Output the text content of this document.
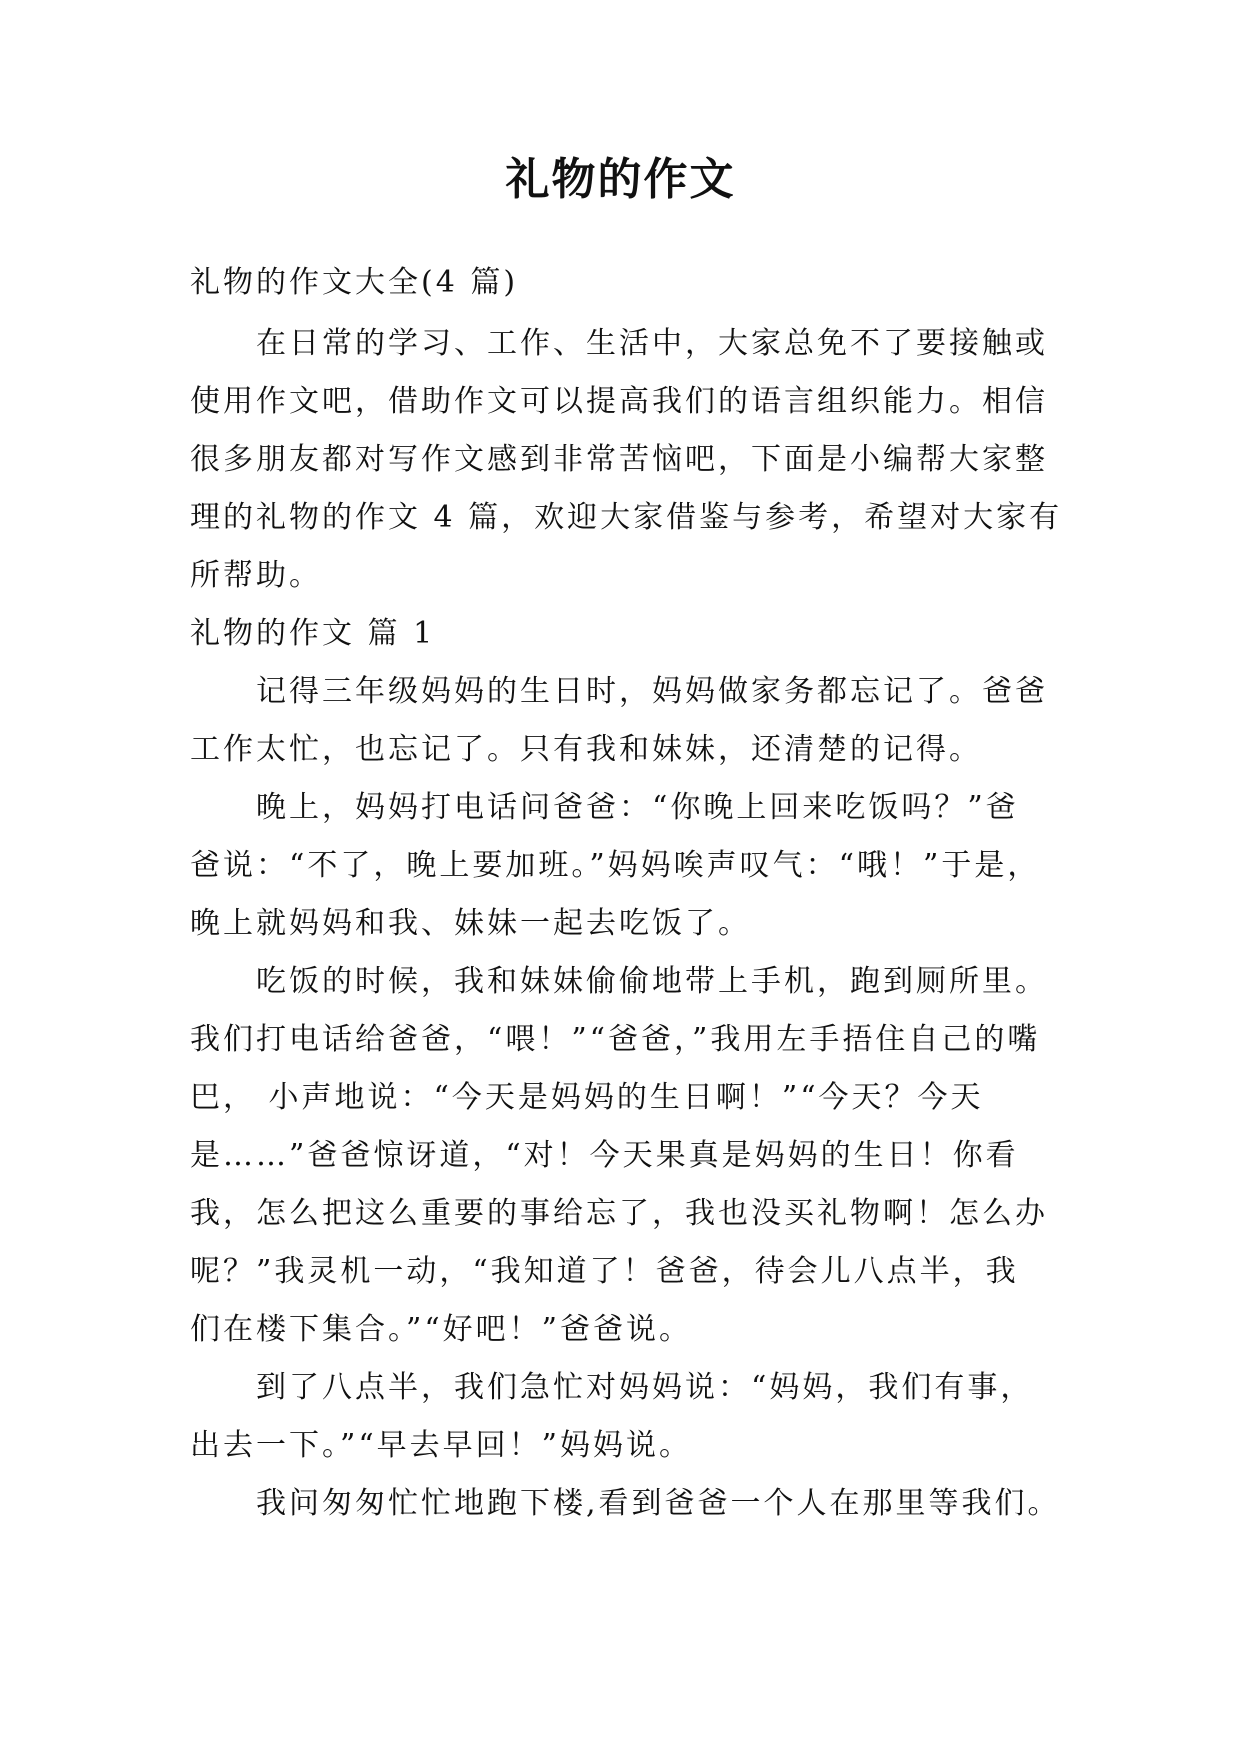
礼物的作文
礼物的作文大全(4 篇)
在日常的学习、工作、生活中，大家总免不了要接触或
使用作文吧，借助作文可以提高我们的语言组织能力。相信
很多朋友都对写作文感到非常苦恼吧，下面是小编帮大家整
理的礼物的作文 4 篇，欢迎大家借鉴与参考，希望对大家有
所帮助。
礼物的作文 篇 1
记得三年级妈妈的生日时，妈妈做家务都忘记了。爸爸
工作太忙，也忘记了。只有我和妹妹，还清楚的记得。
晚上，妈妈打电话问爸爸：“你晚上回来吃饭吗？”爸
爸说：“不了，晚上要加班。”妈妈唉声叹气：“哦！”于是，
晚上就妈妈和我、妹妹一起去吃饭了。
吃饭的时候，我和妹妹偷偷地带上手机，跑到厕所里。
我们打电话给爸爸，“喂！”“爸爸，”我用左手捂住自己的嘴
巴， 小声地说：“今天是妈妈的生日啊！”“今天？今天
是……”爸爸惊讶道，“对！今天果真是妈妈的生日！你看
我，怎么把这么重要的事给忘了，我也没买礼物啊！怎么办
呢？”我灵机一动，“我知道了！爸爸，待会儿八点半，我
们在楼下集合。”“好吧！”爸爸说。
到了八点半，我们急忙对妈妈说：“妈妈，我们有事，
出去一下。”“早去早回！”妈妈说。
我问匆匆忙忙地跑下楼,看到爸爸一个人在那里等我们。
